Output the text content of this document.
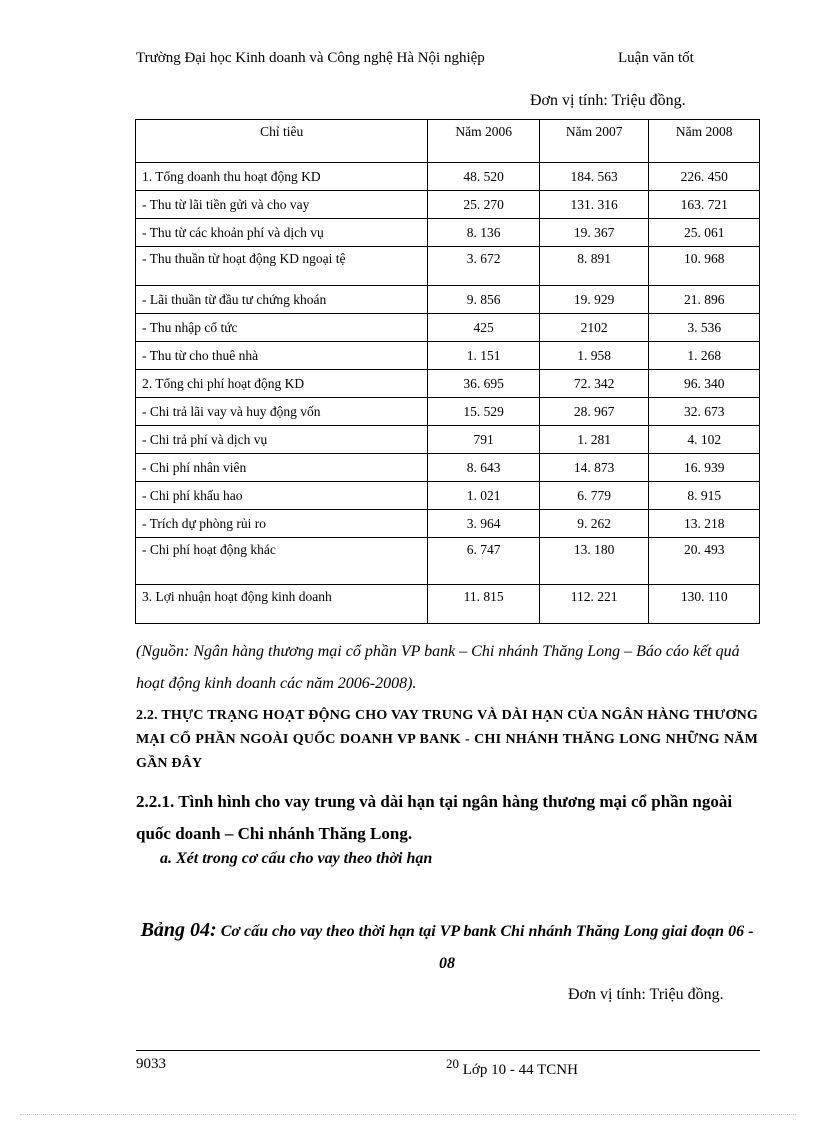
Trường Đại học Kinh doanh và Công nghệ Hà Nội nghiệp	Luận văn tốt
Đơn vị tính: Triệu đồng.
Chỉ tiêu	Năm 2006	Năm 2007	Năm 2008
1. Tổng doanh thu hoạt động KD	48. 520	184. 563	226. 450
- Thu từ lãi tiền gửi và cho vay	25. 270	131. 316	163. 721
- Thu từ các khoản phí và dịch vụ	8. 136	19. 367	25. 061
- Thu thuần từ hoạt động KD ngoại tệ	3. 672	8. 891	10. 968
- Lãi thuần từ đầu tư chứng khoán	9. 856	19. 929	21. 896
- Thu nhập cổ tức	425	2102	3. 536
- Thu từ cho thuê nhà	1. 151	1. 958	1. 268
2. Tổng chi phí hoạt động KD	36. 695	72. 342	96. 340
- Chi trả lãi vay và huy động vốn	15. 529	28. 967	32. 673
- Chi trả phí và dịch vụ	791	1. 281	4. 102
- Chi phí nhân viên	8. 643	14. 873	16. 939
- Chi phí khấu hao	1. 021	6. 779	8. 915
- Trích dự phòng rủi ro	3. 964	9. 262	13. 218
- Chi phí hoạt động khác	6. 747	13. 180	20. 493
3. Lợi nhuận hoạt động kinh doanh	11. 815	112. 221	130. 110
(Nguồn: Ngân hàng thương mại cổ phần VP bank – Chi nhánh Thăng Long – Báo cáo kết quả hoạt động kinh doanh các năm 2006-2008).
2.2. THỰC TRẠNG HOẠT ĐỘNG CHO VAY TRUNG VÀ DÀI HẠN CỦA NGÂN HÀNG THƯƠNG MẠI CỔ PHẦN NGOÀI QUỐC DOANH VP BANK - CHI NHÁNH THĂNG LONG NHỮNG NĂM GẦN ĐÂY
2.2.1. Tình hình cho vay trung và dài hạn tại ngân hàng thương mại cổ phần ngoài quốc doanh – Chi nhánh Thăng Long.
a. Xét trong cơ cấu cho vay theo thời hạn
Bảng 04: Cơ cấu cho vay theo thời hạn tại VP bank Chi nhánh Thăng Long giai đoạn 06 - 08
Đơn vị tính: Triệu đồng.
9033	$^{20}$ Lớp 10 - 44 TCNH
